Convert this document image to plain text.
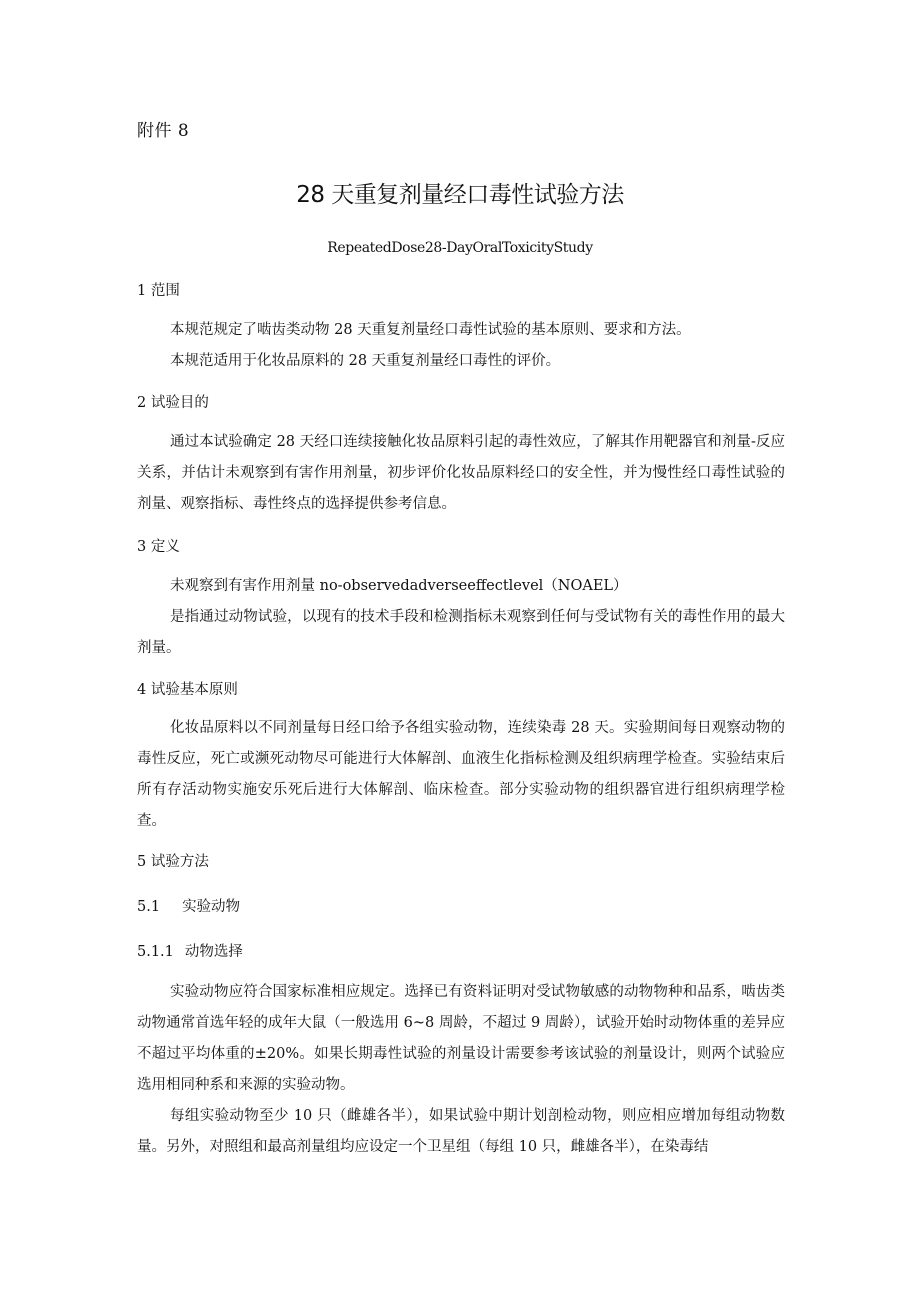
附件 8
28 天重复剂量经口毒性试验方法
RepeatedDose28-DayOralToxicityStudy
1 范围
本规范规定了啮齿类动物 28 天重复剂量经口毒性试验的基本原则、要求和方法。
本规范适用于化妆品原料的 28 天重复剂量经口毒性的评价。
2 试验目的
通过本试验确定 28 天经口连续接触化妆品原料引起的毒性效应，了解其作用靶器官和剂量-反应关系，并估计未观察到有害作用剂量，初步评价化妆品原料经口的安全性，并为慢性经口毒性试验的剂量、观察指标、毒性终点的选择提供参考信息。
3 定义
未观察到有害作用剂量 no-observedadverseeffectlevel（NOAEL）
是指通过动物试验，以现有的技术手段和检测指标未观察到任何与受试物有关的毒性作用的最大剂量。
4 试验基本原则
化妆品原料以不同剂量每日经口给予各组实验动物，连续染毒 28 天。实验期间每日观察动物的毒性反应，死亡或濒死动物尽可能进行大体解剖、血液生化指标检测及组织病理学检查。实验结束后所有存活动物实施安乐死后进行大体解剖、临床检查。部分实验动物的组织器官进行组织病理学检查。
5 试验方法
5.1 实验动物
5.1.1 动物选择
实验动物应符合国家标准相应规定。选择已有资料证明对受试物敏感的动物物种和品系，啮齿类动物通常首选年轻的成年大鼠（一般选用 6~8 周龄，不超过 9 周龄），试验开始时动物体重的差异应不超过平均体重的±20%。如果长期毒性试验的剂量设计需要参考该试验的剂量设计，则两个试验应选用相同种系和来源的实验动物。
每组实验动物至少 10 只（雌雄各半），如果试验中期计划剖检动物，则应相应增加每组动物数量。另外，对照组和最高剂量组均应设定一个卫星组（每组 10 只，雌雄各半），在染毒结
